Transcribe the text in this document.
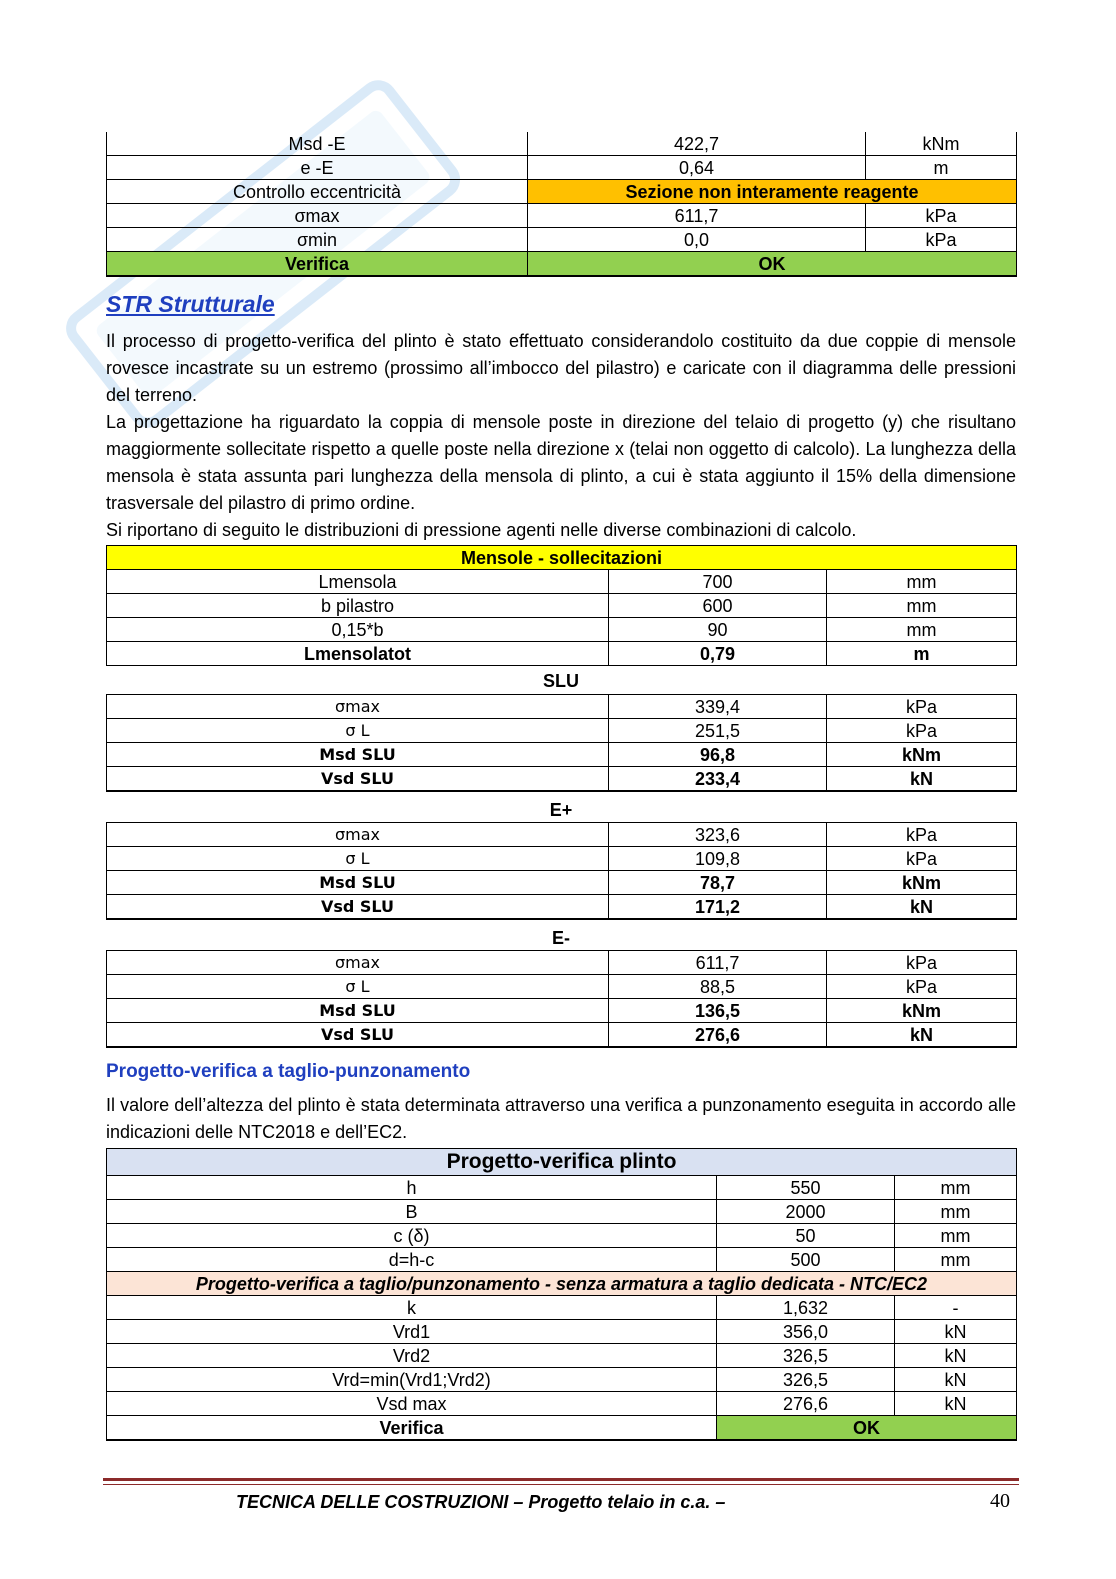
Msd -E	422,7	kNm
e -E	0,64	m
Controllo eccentricità	Sezione non interamente reagente	
σmax	611,7	kPa
σmin	0,0	kPa
Verifica	OK	
STR Strutturale

Il processo di progetto-verifica del plinto è stato effettuato considerandolo costituito da due coppie di mensole rovesce incastrate su un estremo (prossimo all’imbocco del pilastro) e caricate con il diagramma delle pressioni del terreno.

La progettazione ha riguardato la coppia di mensole poste in direzione del telaio di progetto (y) che risultano maggiormente sollecitate rispetto a quelle poste nella direzione x (telai non oggetto di calcolo). La lunghezza della mensola è stata assunta pari lunghezza della mensola di plinto, a cui è stata aggiunto il 15% della dimensione trasversale del pilastro di primo ordine.

Si riportano di seguito le distribuzioni di pressione agenti nelle diverse combinazioni di calcolo.

Mensole - sollecitazioni		
Lmensola	700	mm
b pilastro	600	mm
0,15*b	90	mm
Lmensolatot	0,79	m
SLU
σmax	339,4	kPa
σ L	251,5	kPa
Msd SLU	96,8	kNm
Vsd SLU	233,4	kN
E+
σmax	323,6	kPa
σ L	109,8	kPa
Msd SLU	78,7	kNm
Vsd SLU	171,2	kN
E-
σmax	611,7	kPa
σ L	88,5	kPa
Msd SLU	136,5	kNm
Vsd SLU	276,6	kN
Progetto-verifica a taglio-punzonamento

Il valore dell’altezza del plinto è stata determinata attraverso una verifica a punzonamento eseguita in accordo alle indicazioni delle NTC2018 e dell’EC2.

Progetto-verifica plinto		
h	550	mm
B	2000	mm
c (δ)	50	mm
d=h-c	500	mm
Progetto-verifica a taglio/punzonamento - senza armatura a taglio dedicata - NTC/EC2		
k	1,632	-
Vrd1	356,0	kN
Vrd2	326,5	kN
Vrd=min(Vrd1;Vrd2)	326,5	kN
Vsd max	276,6	kN
Verifica	OK	
TECNICA DELLE COSTRUZIONI – Progetto telaio in c.a. –	40
